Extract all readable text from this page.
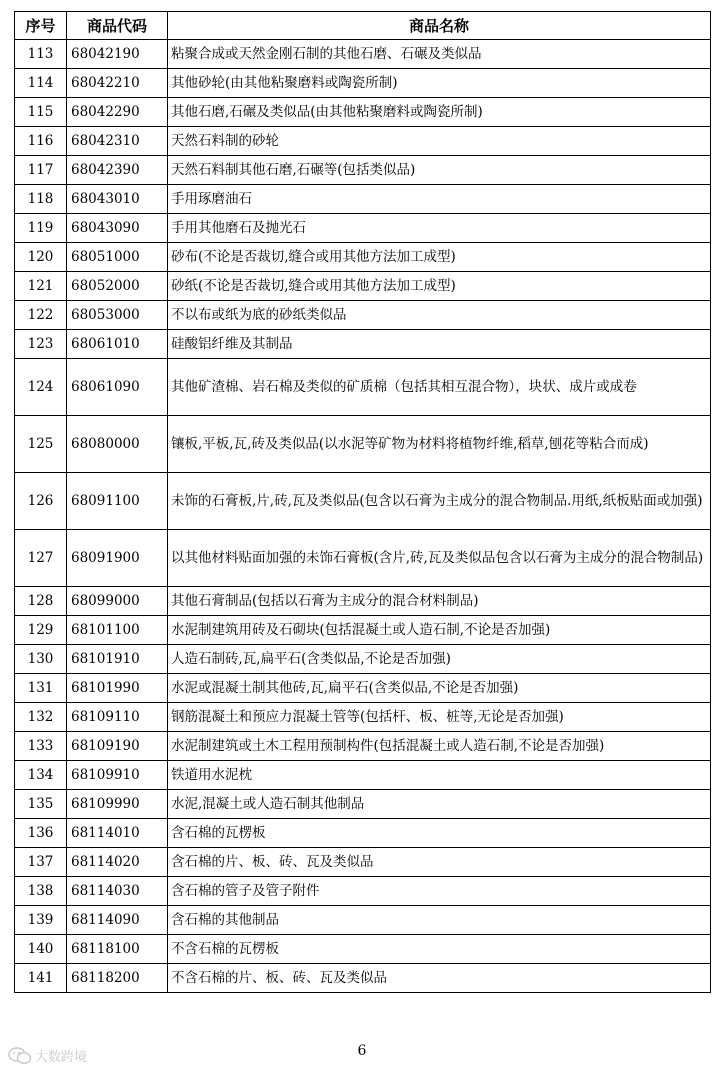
序号	商品代码	商品名称
113	68042190	粘聚合成或天然金刚石制的其他石磨、石碾及类似品
114	68042210	其他砂轮(由其他粘聚磨料或陶瓷所制)
115	68042290	其他石磨,石碾及类似品(由其他粘聚磨料或陶瓷所制)
116	68042310	天然石料制的砂轮
117	68042390	天然石料制其他石磨,石碾等(包括类似品)
118	68043010	手用琢磨油石
119	68043090	手用其他磨石及抛光石
120	68051000	砂布(不论是否裁切,缝合或用其他方法加工成型)
121	68052000	砂纸(不论是否裁切,缝合或用其他方法加工成型)
122	68053000	不以布或纸为底的砂纸类似品
123	68061010	硅酸铝纤维及其制品
124	68061090	其他矿渣棉、岩石棉及类似的矿质棉（包括其相互混合物），块状、成片或成卷
125	68080000	镶板,平板,瓦,砖及类似品(以水泥等矿物为材料将植物纤维,稻草,刨花等粘合而成)
126	68091100	未饰的石膏板,片,砖,瓦及类似品(包含以石膏为主成分的混合物制品.用纸,纸板贴面或加强)
127	68091900	以其他材料贴面加强的未饰石膏板(含片,砖,瓦及类似品包含以石膏为主成分的混合物制品)
128	68099000	其他石膏制品(包括以石膏为主成分的混合材料制品)
129	68101100	水泥制建筑用砖及石砌块(包括混凝土或人造石制,不论是否加强)
130	68101910	人造石制砖,瓦,扁平石(含类似品,不论是否加强)
131	68101990	水泥或混凝土制其他砖,瓦,扁平石(含类似品,不论是否加强)
132	68109110	钢筋混凝土和预应力混凝土管等(包括杆、板、桩等,无论是否加强)
133	68109190	水泥制建筑或土木工程用预制构件(包括混凝土或人造石制,不论是否加强)
134	68109910	铁道用水泥枕
135	68109990	水泥,混凝土或人造石制其他制品
136	68114010	含石棉的瓦楞板
137	68114020	含石棉的片、板、砖、瓦及类似品
138	68114030	含石棉的管子及管子附件
139	68114090	含石棉的其他制品
140	68118100	不含石棉的瓦楞板
141	68118200	不含石棉的片、板、砖、瓦及类似品
6
大数跨境
